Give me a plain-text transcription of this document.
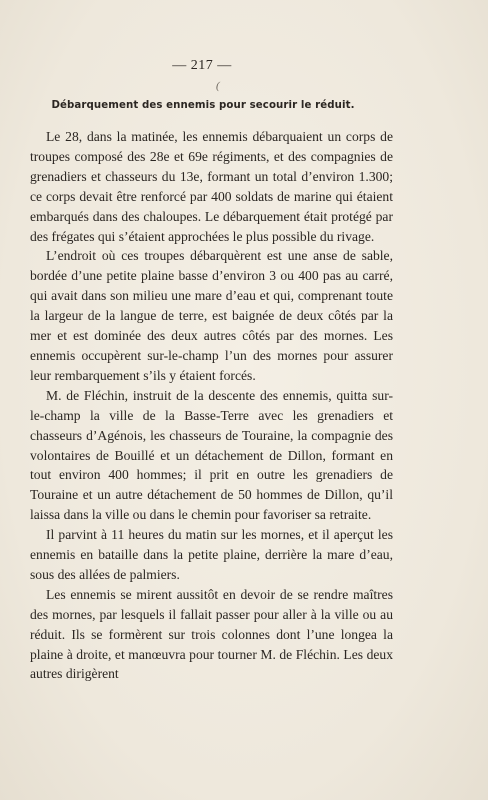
— 217 —
(
Débarquement des ennemis pour secourir le réduit.

Le 28, dans la matinée, les ennemis débarquaient un corps de troupes composé des 28e et 69e régiments, et des compagnies de grenadiers et chasseurs du 13e, formant un total d’environ 1.300; ce corps devait être renforcé par 400 soldats de marine qui étaient embarqués dans des chaloupes. Le débarquement était protégé par des frégates qui s’étaient approchées le plus possible du rivage.

L’endroit où ces troupes débarquèrent est une anse de sable, bordée d’une petite plaine basse d’environ 3 ou 400 pas au carré, qui avait dans son milieu une mare d’eau et qui, comprenant toute la largeur de la langue de terre, est baignée de deux côtés par la mer et est dominée des deux autres côtés par des mornes. Les ennemis occupèrent sur-le-champ l’un des mornes pour assurer leur rembarquement s’ils y étaient forcés.

M. de Fléchin, instruit de la descente des ennemis, quitta sur-le-champ la ville de la Basse-Terre avec les grenadiers et chasseurs d’Agénois, les chasseurs de Touraine, la compagnie des volontaires de Bouillé et un détachement de Dillon, formant en tout environ 400 hommes; il prit en outre les grenadiers de Touraine et un autre détachement de 50 hommes de Dillon, qu’il laissa dans la ville ou dans le chemin pour favoriser sa retraite.

Il parvint à 11 heures du matin sur les mornes, et il aperçut les ennemis en bataille dans la petite plaine, derrière la mare d’eau, sous des allées de palmiers.

Les ennemis se mirent aussitôt en devoir de se rendre maîtres des mornes, par lesquels il fallait passer pour aller à la ville ou au réduit. Ils se formèrent sur trois colonnes dont l’une longea la plaine à droite, et manœuvra pour tourner M. de Fléchin. Les deux autres dirigèrent
